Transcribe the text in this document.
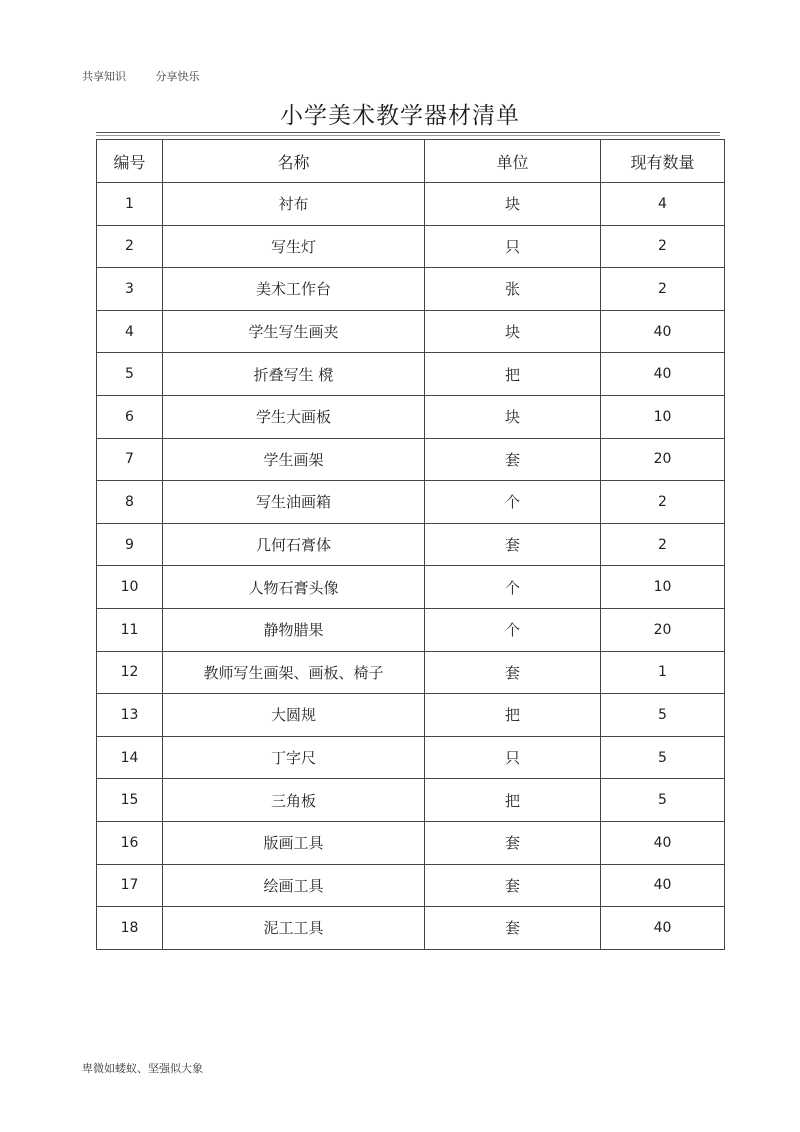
共享知识	分享快乐
小学美术教学器材清单
编号	名称	单位	现有数量
1	衬布	块	4
2	写生灯	只	2
3	美术工作台	张	2
4	学生写生画夹	块	40
5	折叠写生 櫈	把	40
6	学生大画板	块	10
7	学生画架	套	20
8	写生油画箱	个	2
9	几何石膏体	套	2
10	人物石膏头像	个	10
11	静物腊果	个	20
12	教师写生画架、画板、椅子	套	1
13	大圆规	把	5
14	丁字尺	只	5
15	三角板	把	5
16	版画工具	套	40
17	绘画工具	套	40
18	泥工工具	套	40
卑微如蝼蚁、坚强似大象
